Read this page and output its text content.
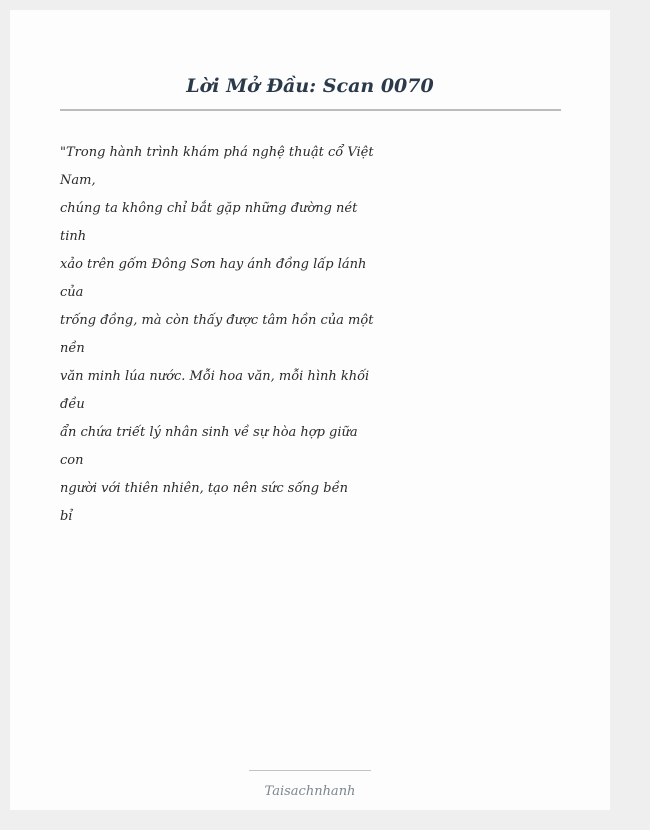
Lời Mở Đầu: Scan 0070
"Trong hành trình khám phá nghệ thuật cổ Việt
Nam,
chúng ta không chỉ bắt gặp những đường nét
tinh
xảo trên gốm Đông Sơn hay ánh đồng lấp lánh
của
trống đồng, mà còn thấy được tâm hồn của một
nền
văn minh lúa nước. Mỗi hoa văn, mỗi hình khối
đều
ẩn chứa triết lý nhân sinh về sự hòa hợp giữa
con
người với thiên nhiên, tạo nên sức sống bền
bỉ
Taisachnhanh
